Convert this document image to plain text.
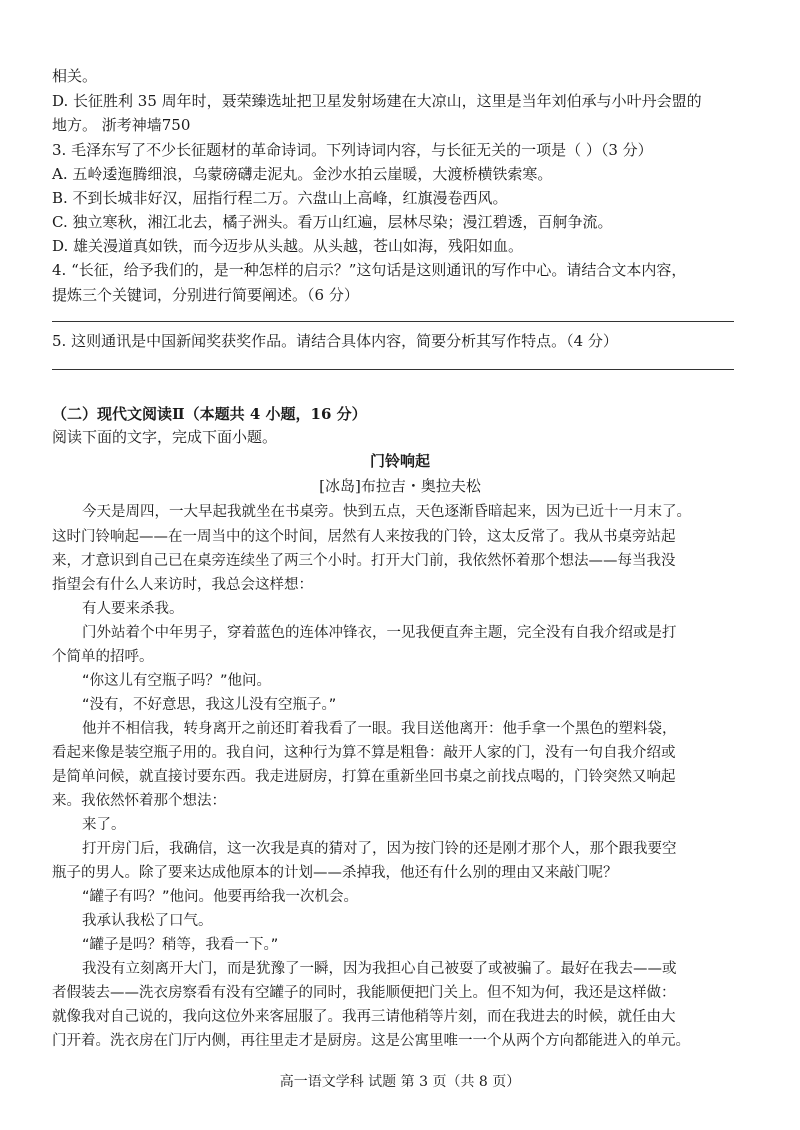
相关。
D. 长征胜利 35 周年时，聂荣臻选址把卫星发射场建在大凉山，这里是当年刘伯承与小叶丹会盟的
地方。 浙考神墙750
3. 毛泽东写了不少长征题材的革命诗词。下列诗词内容，与长征无关的一项是（ ）（3 分）
A. 五岭逶迤腾细浪，乌蒙磅礴走泥丸。金沙水拍云崖暖，大渡桥横铁索寒。
B. 不到长城非好汉，屈指行程二万。六盘山上高峰，红旗漫卷西风。
C. 独立寒秋，湘江北去，橘子洲头。看万山红遍，层林尽染；漫江碧透，百舸争流。
D. 雄关漫道真如铁，而今迈步从头越。从头越，苍山如海，残阳如血。
4. “长征，给予我们的，是一种怎样的启示？”这句话是这则通讯的写作中心。请结合文本内容，
提炼三个关键词，分别进行简要阐述。（6 分）
5. 这则通讯是中国新闻奖获奖作品。请结合具体内容，简要分析其写作特点。（4 分）
（二）现代文阅读Ⅱ（本题共 4 小题，16 分）
阅读下面的文字，完成下面小题。
门铃响起
[冰岛]布拉吉・奥拉夫松
今天是周四，一大早起我就坐在书桌旁。快到五点，天色逐渐昏暗起来，因为已近十一月末了。
这时门铃响起——在一周当中的这个时间，居然有人来按我的门铃，这太反常了。我从书桌旁站起
来，才意识到自己已在桌旁连续坐了两三个小时。打开大门前，我依然怀着那个想法——每当我没
指望会有什么人来访时，我总会这样想：
有人要来杀我。
门外站着个中年男子，穿着蓝色的连体冲锋衣，一见我便直奔主题，完全没有自我介绍或是打
个简单的招呼。
“你这儿有空瓶子吗？”他问。
“没有，不好意思，我这儿没有空瓶子。”
他并不相信我，转身离开之前还盯着我看了一眼。我目送他离开：他手拿一个黑色的塑料袋，
看起来像是装空瓶子用的。我自问，这种行为算不算是粗鲁：敲开人家的门，没有一句自我介绍或
是简单问候，就直接讨要东西。我走进厨房，打算在重新坐回书桌之前找点喝的，门铃突然又响起
来。我依然怀着那个想法：
来了。
打开房门后，我确信，这一次我是真的猜对了，因为按门铃的还是刚才那个人，那个跟我要空
瓶子的男人。除了要来达成他原本的计划——杀掉我，他还有什么别的理由又来敲门呢？
“罐子有吗？”他问。他要再给我一次机会。
我承认我松了口气。
“罐子是吗？稍等，我看一下。”
我没有立刻离开大门，而是犹豫了一瞬，因为我担心自己被耍了或被骗了。最好在我去——或
者假装去——洗衣房察看有没有空罐子的同时，我能顺便把门关上。但不知为何，我还是这样做：
就像我对自己说的，我向这位外来客屈服了。我再三请他稍等片刻，而在我进去的时候，就任由大
门开着。洗衣房在门厅内侧，再往里走才是厨房。这是公寓里唯一一个从两个方向都能进入的单元。
高一语文学科 试题 第 3 页（共 8 页）
